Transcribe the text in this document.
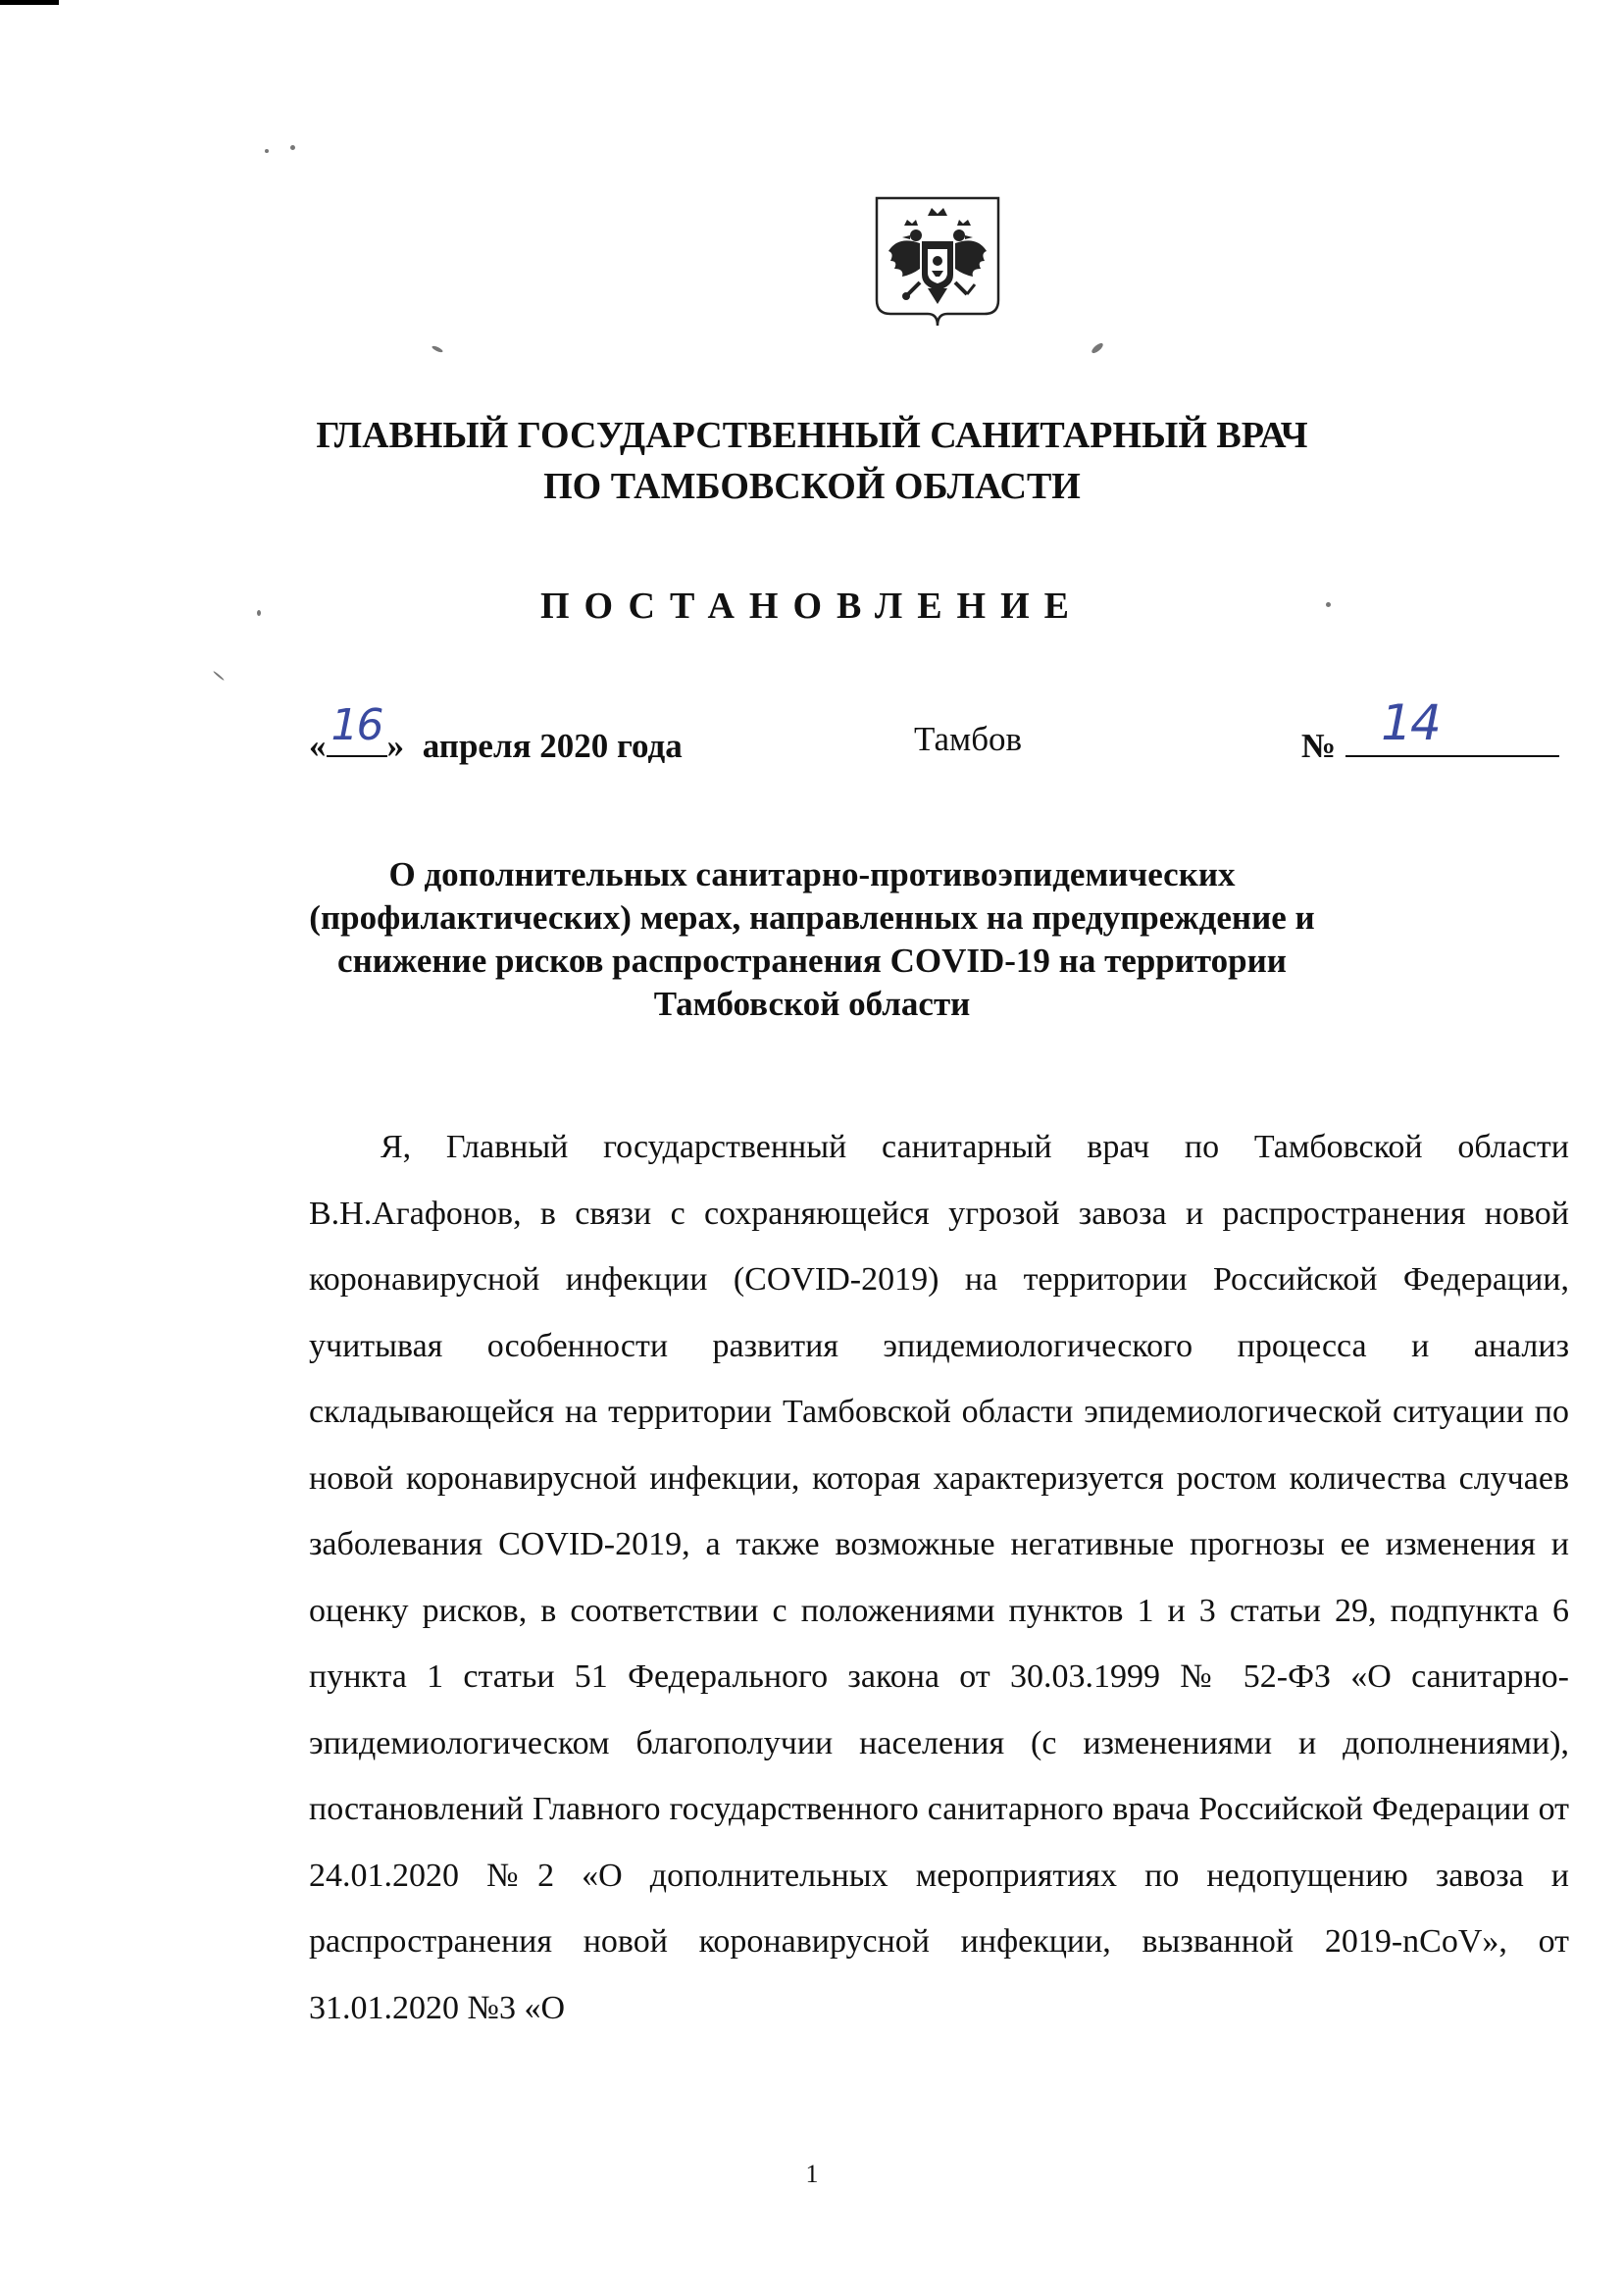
ГЛАВНЫЙ ГОСУДАРСТВЕННЫЙ САНИТАРНЫЙ ВРАЧ
ПО ТАМБОВСКОЙ ОБЛАСТИ
ПОСТАНОВЛЕНИЕ
« 16 » апреля 2020 года	Тамбов	№ 14
О дополнительных санитарно-противоэпидемических
(профилактических) мерах, направленных на предупреждение и
снижение рисков распространения COVID-19 на территории
Тамбовской области

Я, Главный государственный санитарный врач по Тамбовской области В.Н.Агафонов, в связи с сохраняющейся угрозой завоза и распространения новой коронавирусной инфекции (COVID-2019) на территории Российской Федерации, учитывая особенности развития эпидемиологического процесса и анализ складывающейся на территории Тамбовской области эпидемиологической ситуации по новой коронавирусной инфекции, которая характеризуется ростом количества случаев заболевания COVID-2019, а также возможные негативные прогнозы ее изменения и оценку рисков, в соответствии с положениями пунктов 1 и 3 статьи 29, подпункта 6 пункта 1 статьи 51 Федерального закона от 30.03.1999 № 52-ФЗ «О санитарно-эпидемиологическом благополучии населения (с изменениями и дополнениями), постановлений Главного государственного санитарного врача Российской Федерации от 24.01.2020 №2 «О дополнительных мероприятиях по недопущению завоза и распространения новой коронавирусной инфекции, вызванной 2019-nCoV», от 31.01.2020 №3 «О

1
